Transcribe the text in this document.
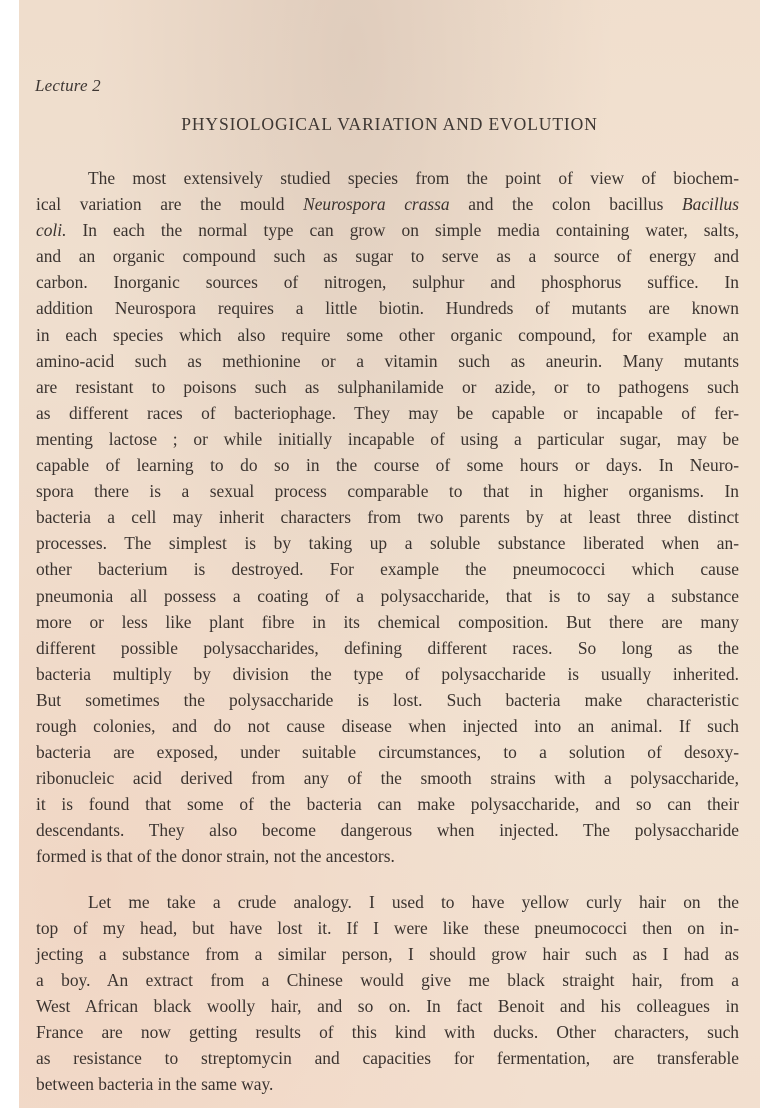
Lecture 2
PHYSIOLOGICAL VARIATION AND EVOLUTION
The most extensively studied species from the point of view of biochem-
ical variation are the mould Neurospora crassa and the colon bacillus Bacillus
coli. In each the normal type can grow on simple media containing water, salts,
and an organic compound such as sugar to serve as a source of energy and
carbon. Inorganic sources of nitrogen, sulphur and phosphorus suffice. In
addition Neurospora requires a little biotin. Hundreds of mutants are known
in each species which also require some other organic compound, for example an
amino-acid such as methionine or a vitamin such as aneurin. Many mutants
are resistant to poisons such as sulphanilamide or azide, or to pathogens such
as different races of bacteriophage. They may be capable or incapable of fer-
menting lactose ; or while initially incapable of using a particular sugar, may be
capable of learning to do so in the course of some hours or days. In Neuro-
spora there is a sexual process comparable to that in higher organisms. In
bacteria a cell may inherit characters from two parents by at least three distinct
processes. The simplest is by taking up a soluble substance liberated when an-
other bacterium is destroyed. For example the pneumococci which cause
pneumonia all possess a coating of a polysaccharide, that is to say a substance
more or less like plant fibre in its chemical composition. But there are many
different possible polysaccharides, defining different races. So long as the
bacteria multiply by division the type of polysaccharide is usually inherited.
But sometimes the polysaccharide is lost. Such bacteria make characteristic
rough colonies, and do not cause disease when injected into an animal. If such
bacteria are exposed, under suitable circumstances, to a solution of desoxy-
ribonucleic acid derived from any of the smooth strains with a polysaccharide,
it is found that some of the bacteria can make polysaccharide, and so can their
descendants. They also become dangerous when injected. The polysaccharide
formed is that of the donor strain, not the ancestors.
Let me take a crude analogy. I used to have yellow curly hair on the
top of my head, but have lost it. If I were like these pneumococci then on in-
jecting a substance from a similar person, I should grow hair such as I had as
a boy. An extract from a Chinese would give me black straight hair, from a
West African black woolly hair, and so on. In fact Benoit and his colleagues in
France are now getting results of this kind with ducks. Other characters, such
as resistance to streptomycin and capacities for fermentation, are transferable
between bacteria in the same way.
